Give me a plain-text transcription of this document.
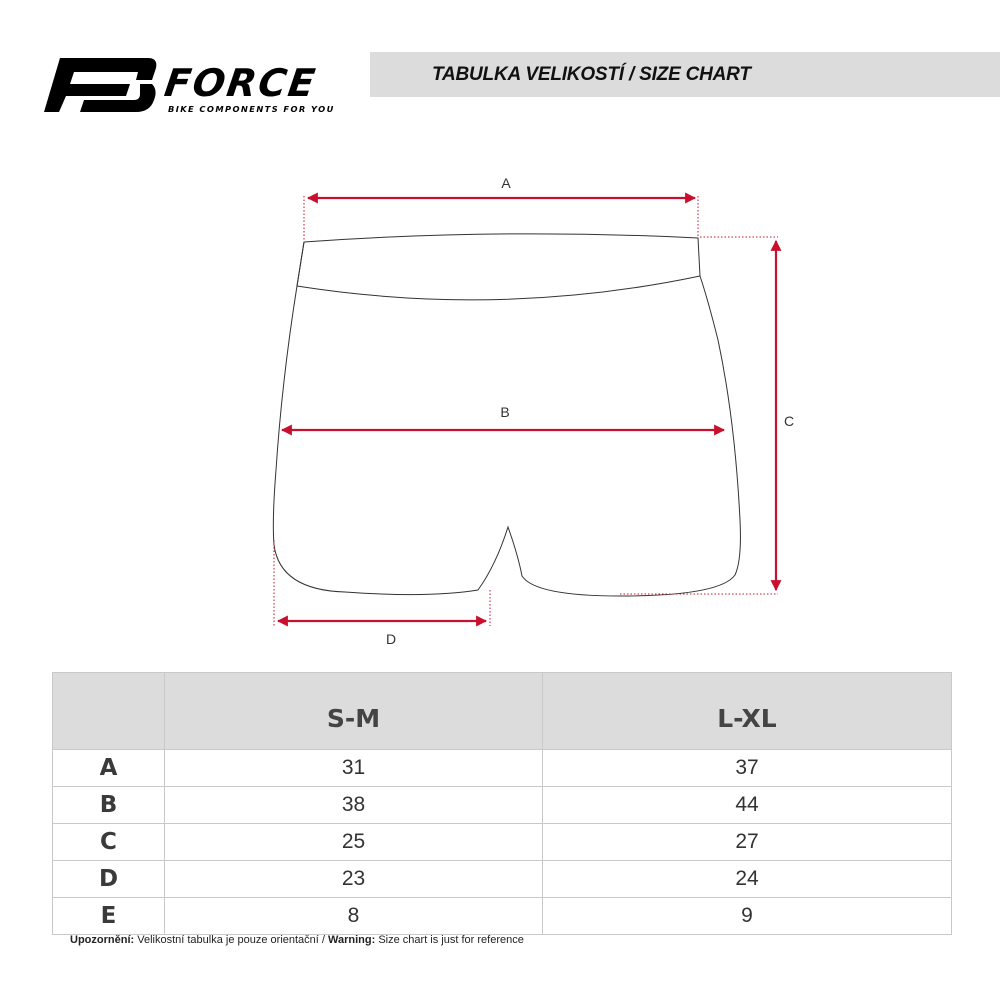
TABULKA VELIKOSTÍ / SIZE CHART
FORCE
BIKE COMPONENTS FOR YOU
A
B
C
D
	S-M	L-XL
A	31	37
B	38	44
C	25	27
D	23	24
E	8	9
Upozornění: Velikostní tabulka je pouze orientační / Warning: Size chart is just for reference
